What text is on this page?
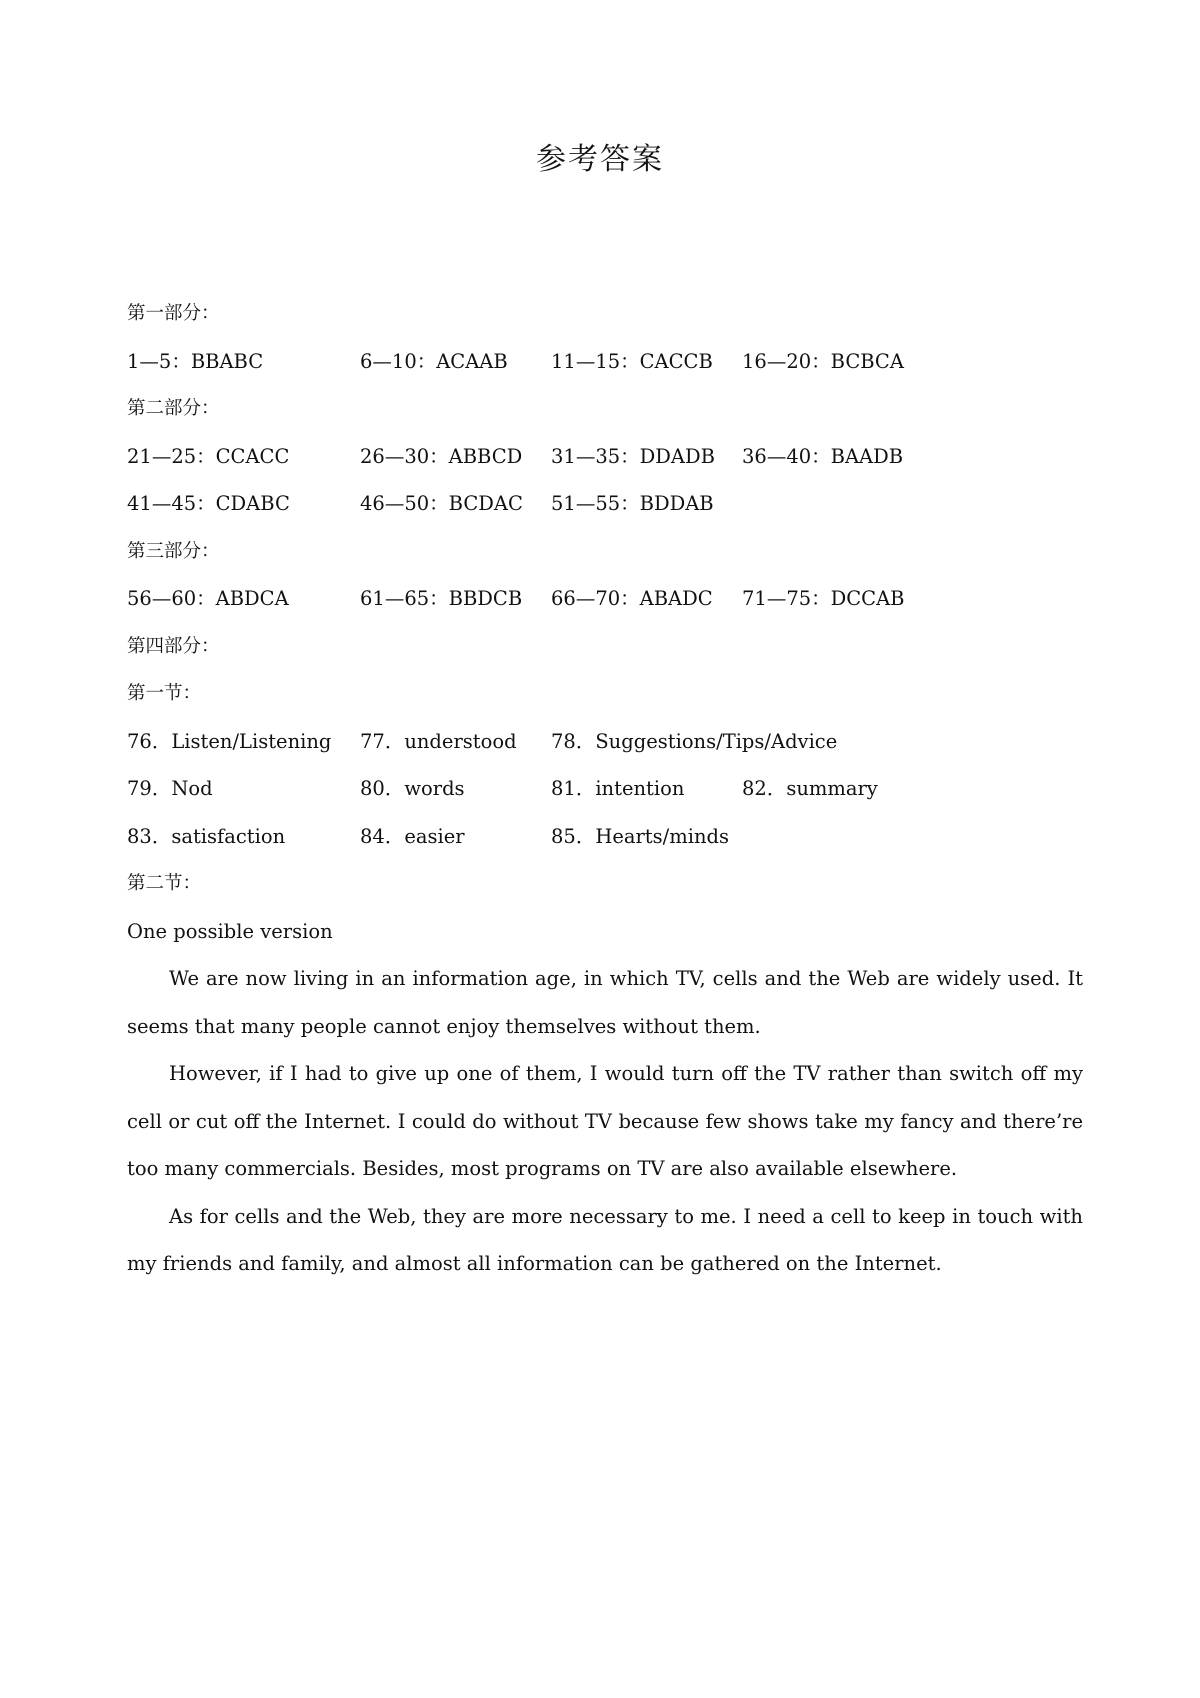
参考答案
第一部分：
1—5：BBABC	6—10：ACAAB	11—15：CACCB	16—20：BCBCA
第二部分：
21—25：CCACC	26—30：ABBCD	31—35：DDADB	36—40：BAADB
41—45：CDABC	46—50：BCDAC	51—55：BDDAB
第三部分：
56—60：ABDCA	61—65：BBDCB	66—70：ABADC	71—75：DCCAB
第四部分：
第一节：
76．Listen/Listening	77．understood	78．Suggestions/Tips/Advice
79．Nod	80．words	81．intention	82．summary
83．satisfaction	84．easier	85．Hearts/minds
第二节：
One possible version

We are now living in an information age, in which TV, cells and the Web are widely used. It seems that many people cannot enjoy themselves without them.

However, if I had to give up one of them, I would turn off the TV rather than switch off my cell or cut off the Internet. I could do without TV because few shows take my fancy and there’re too many commercials. Besides, most programs on TV are also available elsewhere.

As for cells and the Web, they are more necessary to me. I need a cell to keep in touch with my friends and family, and almost all information can be gathered on the Internet.
